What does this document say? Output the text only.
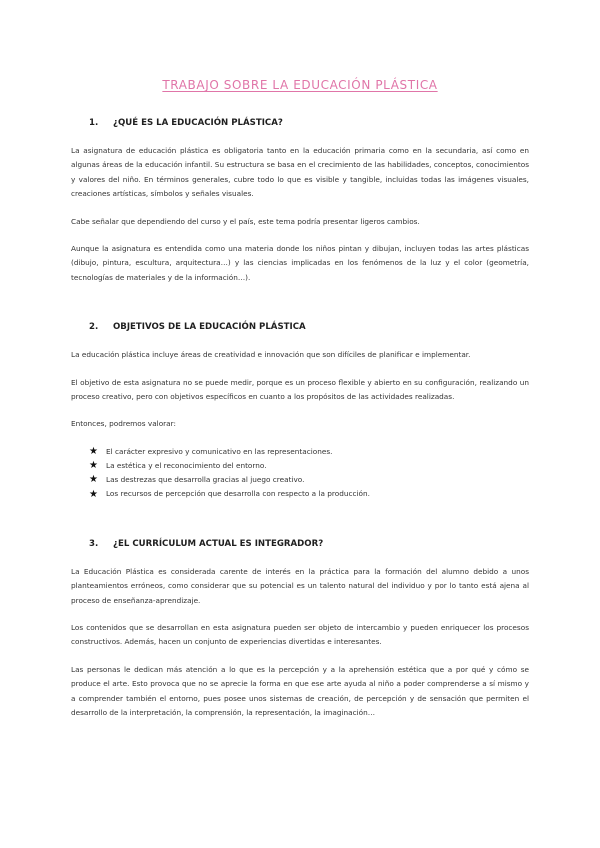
TRABAJO SOBRE LA EDUCACIÓN PLÁSTICA
1. ¿QUÉ ES LA EDUCACIÓN PLÁSTICA?

La asignatura de educación plástica es obligatoria tanto en la educación primaria como en la secundaria, así como en algunas áreas de la educación infantil. Su estructura se basa en el crecimiento de las habilidades, conceptos, conocimientos y valores del niño. En términos generales, cubre todo lo que es visible y tangible, incluidas todas las imágenes visuales, creaciones artísticas, símbolos y señales visuales.

Cabe señalar que dependiendo del curso y el país, este tema podría presentar ligeros cambios.

Aunque la asignatura es entendida como una materia donde los niños pintan y dibujan, incluyen todas las artes plásticas (dibujo, pintura, escultura, arquitectura…) y las ciencias implicadas en los fenómenos de la luz y el color (geometría, tecnologías de materiales y de la información…).

2. OBJETIVOS DE LA EDUCACIÓN PLÁSTICA

La educación plástica incluye áreas de creatividad e innovación que son difíciles de planificar e implementar.

El objetivo de esta asignatura no se puede medir, porque es un proceso flexible y abierto en su configuración, realizando un proceso creativo, pero con objetivos específicos en cuanto a los propósitos de las actividades realizadas.

Entonces, podremos valorar:

★	El carácter expresivo y comunicativo en las representaciones.
★	La estética y el reconocimiento del entorno.
★	Las destrezas que desarrolla gracias al juego creativo.
★	Los recursos de percepción que desarrolla con respecto a la producción.
3. ¿EL CURRÍCULUM ACTUAL ES INTEGRADOR?

La Educación Plástica es considerada carente de interés en la práctica para la formación del alumno debido a unos planteamientos erróneos, como considerar que su potencial es un talento natural del individuo y por lo tanto está ajena al proceso de enseñanza-aprendizaje.

Los contenidos que se desarrollan en esta asignatura pueden ser objeto de intercambio y pueden enriquecer los procesos constructivos. Además, hacen un conjunto de experiencias divertidas e interesantes.

Las personas le dedican más atención a lo que es la percepción y a la aprehensión estética que a por qué y cómo se produce el arte. Esto provoca que no se aprecie la forma en que ese arte ayuda al niño a poder comprenderse a sí mismo y a comprender también el entorno, pues posee unos sistemas de creación, de percepción y de sensación que permiten el desarrollo de la interpretación, la comprensión, la representación, la imaginación…
